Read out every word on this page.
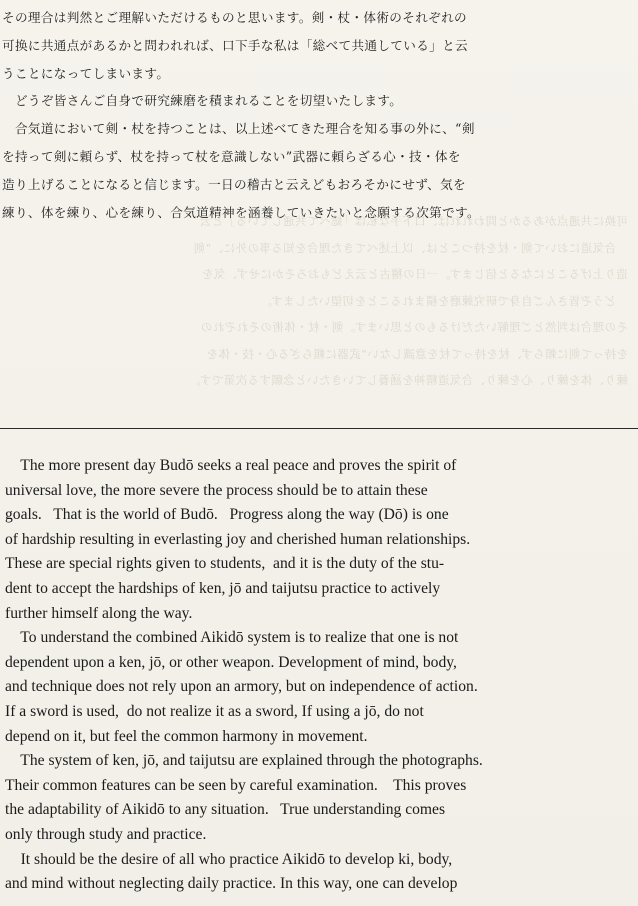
その理合は判然とご理解いただけるものと思います。剣・杖・体術のそれぞれの
可换に共通点があるかと問われれば、口下手な私は「総べて共通している」と云
うことになってしまいます。
　どうぞ皆さんご自身で研究練磨を積まれることを切望いたします。
　合気道において剣・杖を持つことは、以上述べてきた理合を知る事の外に、“剣
を持って剣に頼らず、杖を持って杖を意識しない”武器に頼らざる心・技・体を
造り上げることになると信じます。一日の稽古と云えどもおろそかにせず、気を
練り、体を練り、心を練り、合気道精神を涵養していきたいと念願する次第です。
可换に共通点があるかと問われれば、口下手な私は「総べて共通している」と云
　合気道において剣・杖を持つことは、以上述べてきた理合を知る事の外に、“剣
造り上げることになると信じます。一日の稽古と云えどもおろそかにせず、気を
　どうぞ皆さんご自身で研究練磨を積まれることを切望いたします。
その理合は判然とご理解いただけるものと思います。剣・杖・体術のそれぞれの
を持って剣に頼らず、杖を持って杖を意識しない”武器に頼らざる心・技・体を
練り、体を練り、心を練り、合気道精神を涵養していきたいと念願する次第です。
The more present day Budō seeks a real peace and proves the spirit of
universal love, the more severe the process should be to attain these
goals.   That is the world of Budō.   Progress along the way (Dō) is one
of hardship resulting in everlasting joy and cherished human relationships.
These are special rights given to students,  and it is the duty of the stu-
dent to accept the hardships of ken, jō and taijutsu practice to actively
further himself along the way.
To understand the combined Aikidō system is to realize that one is not
dependent upon a ken, jō, or other weapon. Development of mind, body,
and technique does not rely upon an armory, but on independence of action.
If a sword is used,  do not realize it as a sword, If using a jō, do not
depend on it, but feel the common harmony in movement.
The system of ken, jō, and taijutsu are explained through the photographs.
Their common features can be seen by careful examination.    This proves
the adaptability of Aikidō to any situation.   True understanding comes
only through study and practice.
It should be the desire of all who practice Aikidō to develop ki, body,
and mind without neglecting daily practice. In this way, one can develop
